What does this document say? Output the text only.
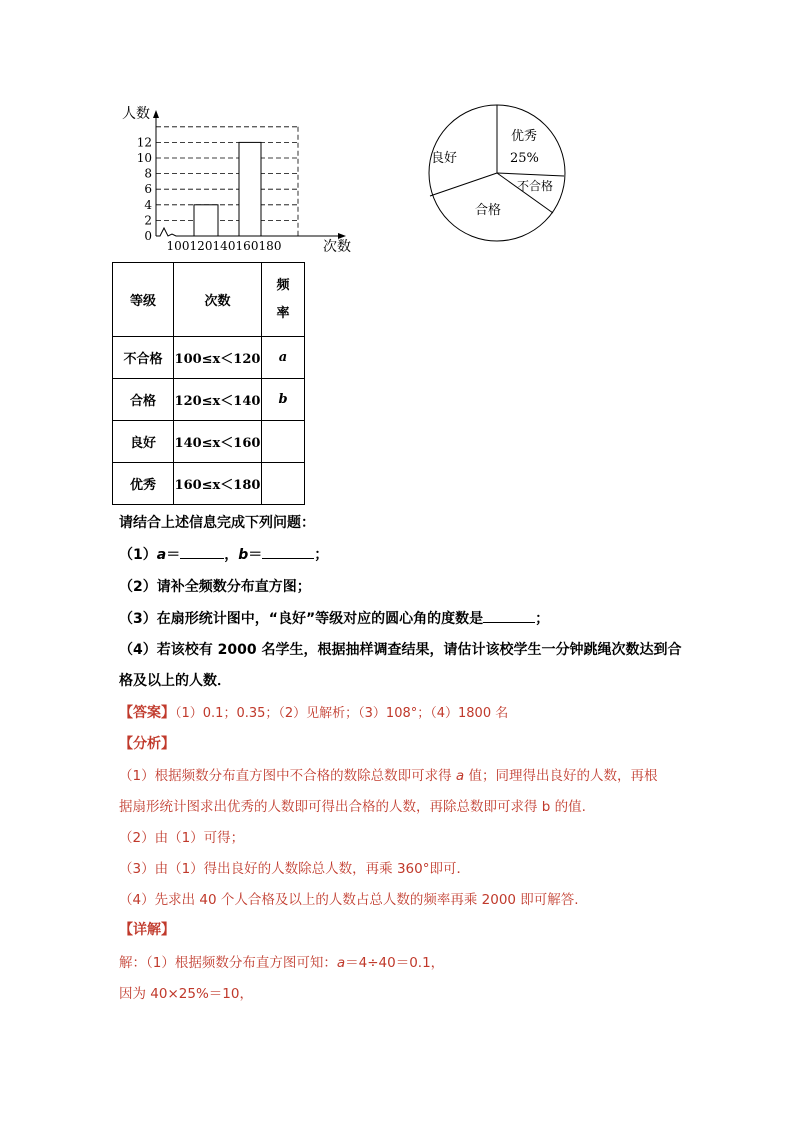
人数
0
2
4
6
8
10
12
100 120 140 160 180	次数
优秀
25%
良好
不合格
合格
等级	次数	频
率
不合格	100≤x＜120	a
合格	120≤x＜140	b
良好	140≤x＜160	
优秀	160≤x＜180	
请结合上述信息完成下列问题：
（1）a＝	，b＝	；
（2）请补全频数分布直方图；
（3）在扇形统计图中，“良好”等级对应的圆心角的度数是	；
（4）若该校有 2000 名学生，根据抽样调查结果，请估计该校学生一分钟跳绳次数达到合
格及以上的人数．
【答案】（1）0.1；0.35；（2）见解析；（3）108°；（4）1800 名
【分析】
（1）根据频数分布直方图中不合格的数除总数即可求得 a 值；同理得出良好的人数，再根
据扇形统计图求出优秀的人数即可得出合格的人数，再除总数即可求得 b 的值.
（2）由（1）可得；
（3）由（1）得出良好的人数除总人数，再乘 360°即可．
（4）先求出 40 个人合格及以上的人数占总人数的频率再乘 2000 即可解答.
【详解】
解：（1）根据频数分布直方图可知：a＝4÷40＝0.1，
因为 40×25%＝10，
